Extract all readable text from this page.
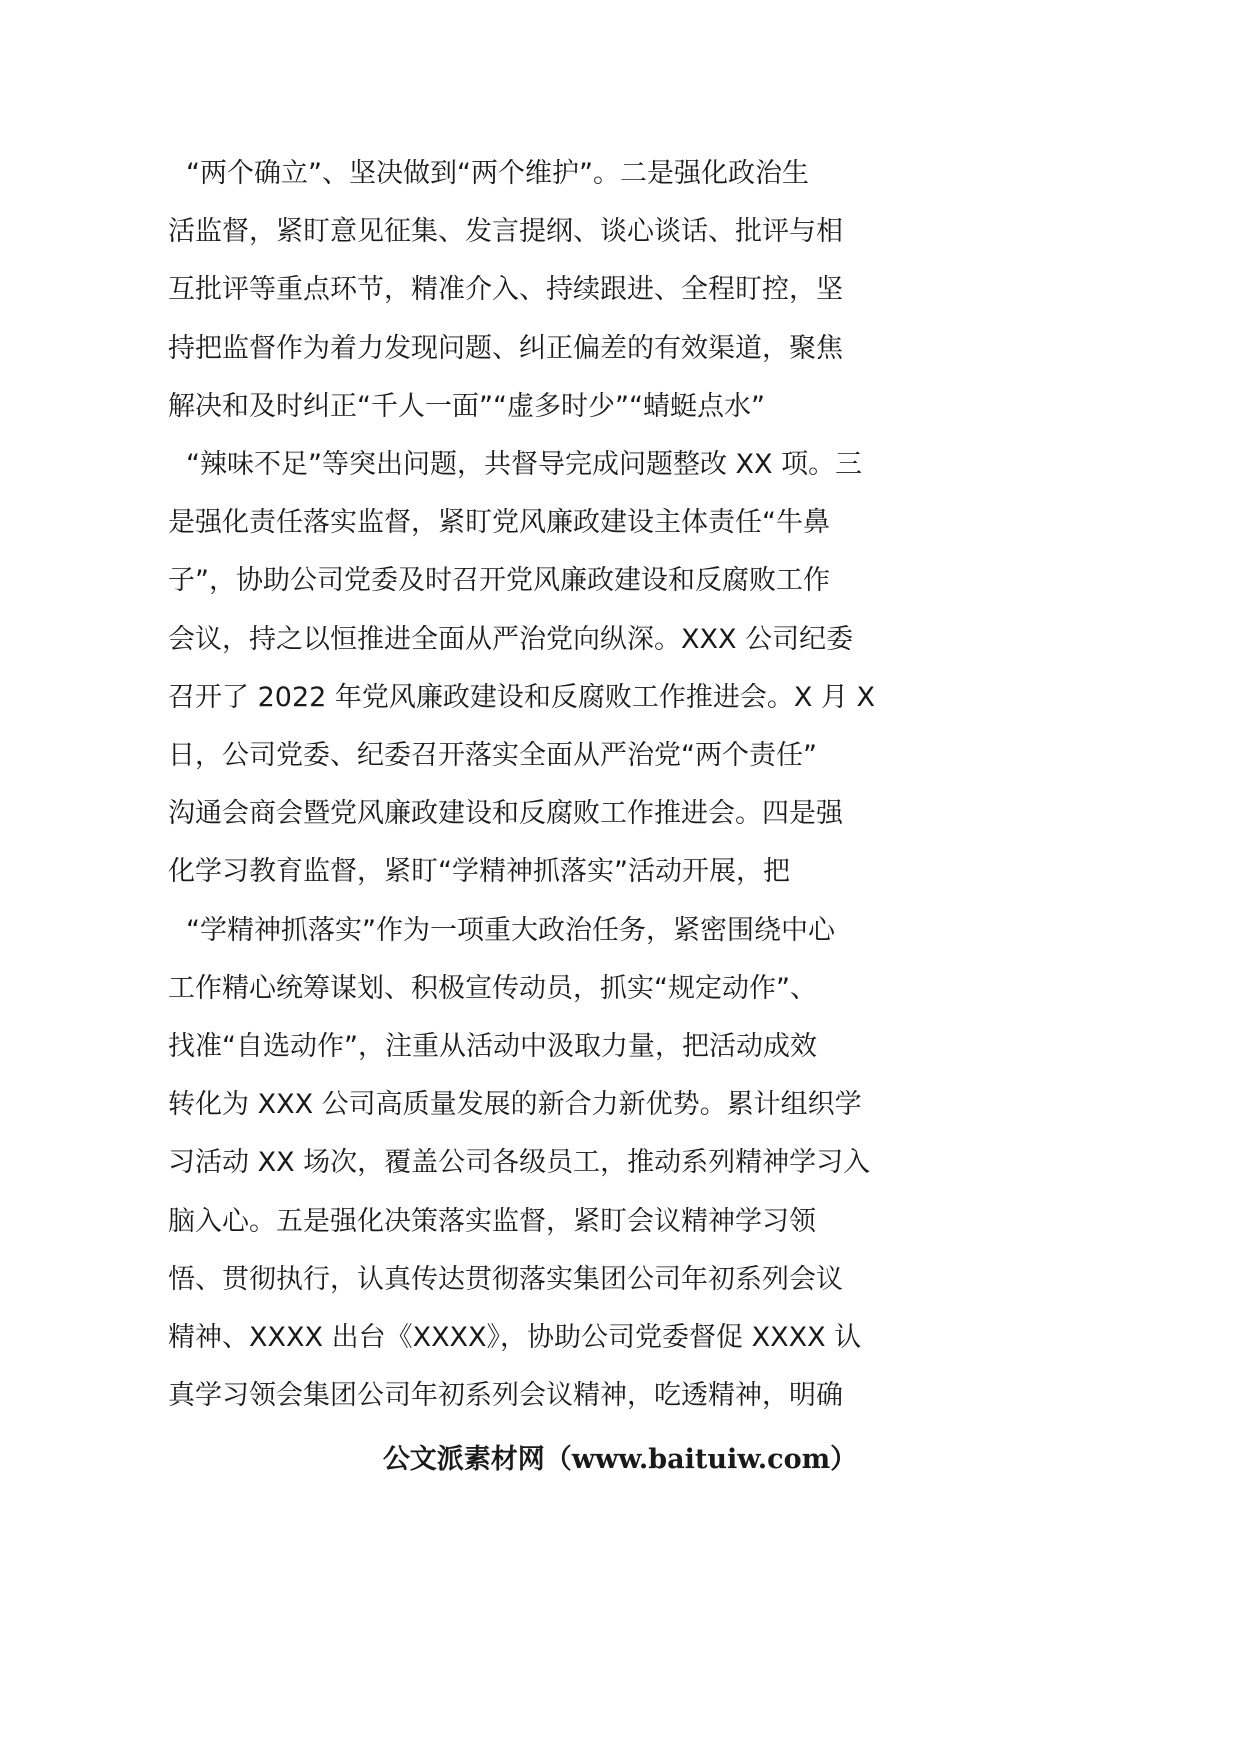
“两个确立”、坚决做到“两个维护”。二是强化政治生
活监督，紧盯意见征集、发言提纲、谈心谈话、批评与相
互批评等重点环节，精准介入、持续跟进、全程盯控，坚
持把监督作为着力发现问题、纠正偏差的有效渠道，聚焦
解决和及时纠正“千人一面”“虚多时少”“蜻蜓点水”
“辣味不足”等突出问题，共督导完成问题整改 XX 项。三
是强化责任落实监督，紧盯党风廉政建设主体责任“牛鼻
子”，协助公司党委及时召开党风廉政建设和反腐败工作
会议，持之以恒推进全面从严治党向纵深。XXX 公司纪委
召开了 2022 年党风廉政建设和反腐败工作推进会。X 月 X
日，公司党委、纪委召开落实全面从严治党“两个责任”
沟通会商会暨党风廉政建设和反腐败工作推进会。四是强
化学习教育监督，紧盯“学精神抓落实”活动开展，把
“学精神抓落实”作为一项重大政治任务，紧密围绕中心
工作精心统筹谋划、积极宣传动员，抓实“规定动作”、
找准“自选动作”，注重从活动中汲取力量，把活动成效
转化为 XXX 公司高质量发展的新合力新优势。累计组织学
习活动 XX 场次，覆盖公司各级员工，推动系列精神学习入
脑入心。五是强化决策落实监督，紧盯会议精神学习领
悟、贯彻执行，认真传达贯彻落实集团公司年初系列会议
精神、XXXX 出台《XXXX》，协助公司党委督促 XXXX 认
真学习领会集团公司年初系列会议精神，吃透精神，明确
公文派素材网（www.baituiw.com）
